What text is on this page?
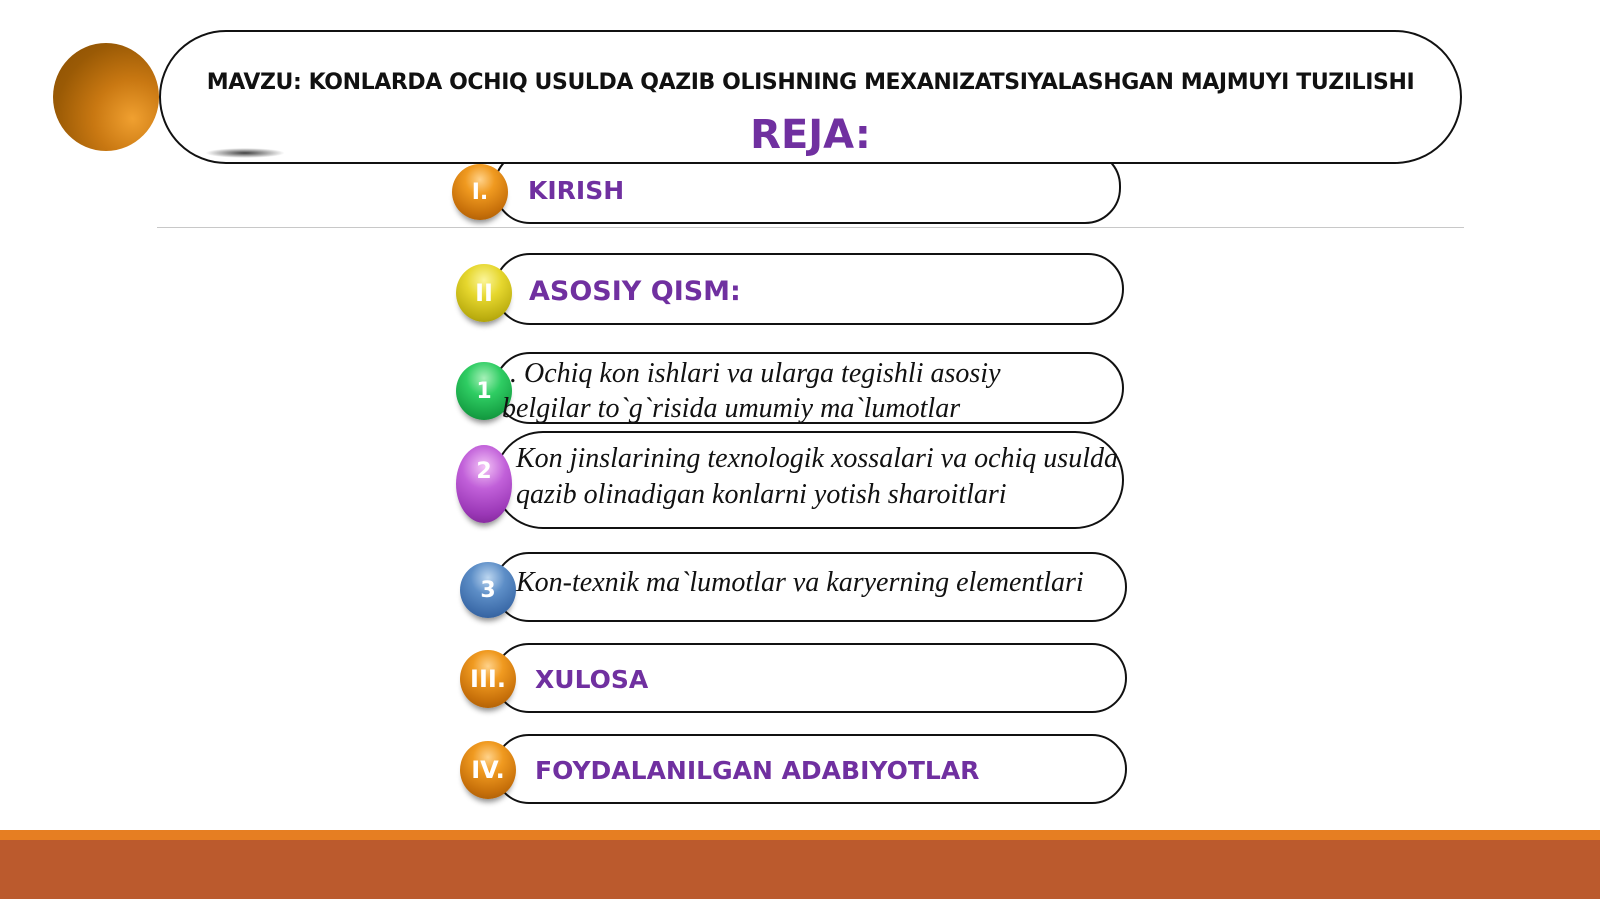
I. KIRISH
MAVZU: KONLARDA OCHIQ USULDA QAZIB OLISHNING MEXANIZATSIYALASHGAN MAJMUYI TUZILISHI
REJA:
II ASOSIY QISM:
1
. Ochiq kon ishlari va ularga tegishli asosiy
belgilar to`g`risida umumiy ma`lumotlar
2 Kon jinslarining texnologik xossalari va ochiq usulda
qazib olinadigan konlarni yotish sharoitlari
3 Kon-texnik ma`lumotlar va karyerning elementlari
III. XULOSA
IV. FOYDALANILGAN ADABIYOTLAR
